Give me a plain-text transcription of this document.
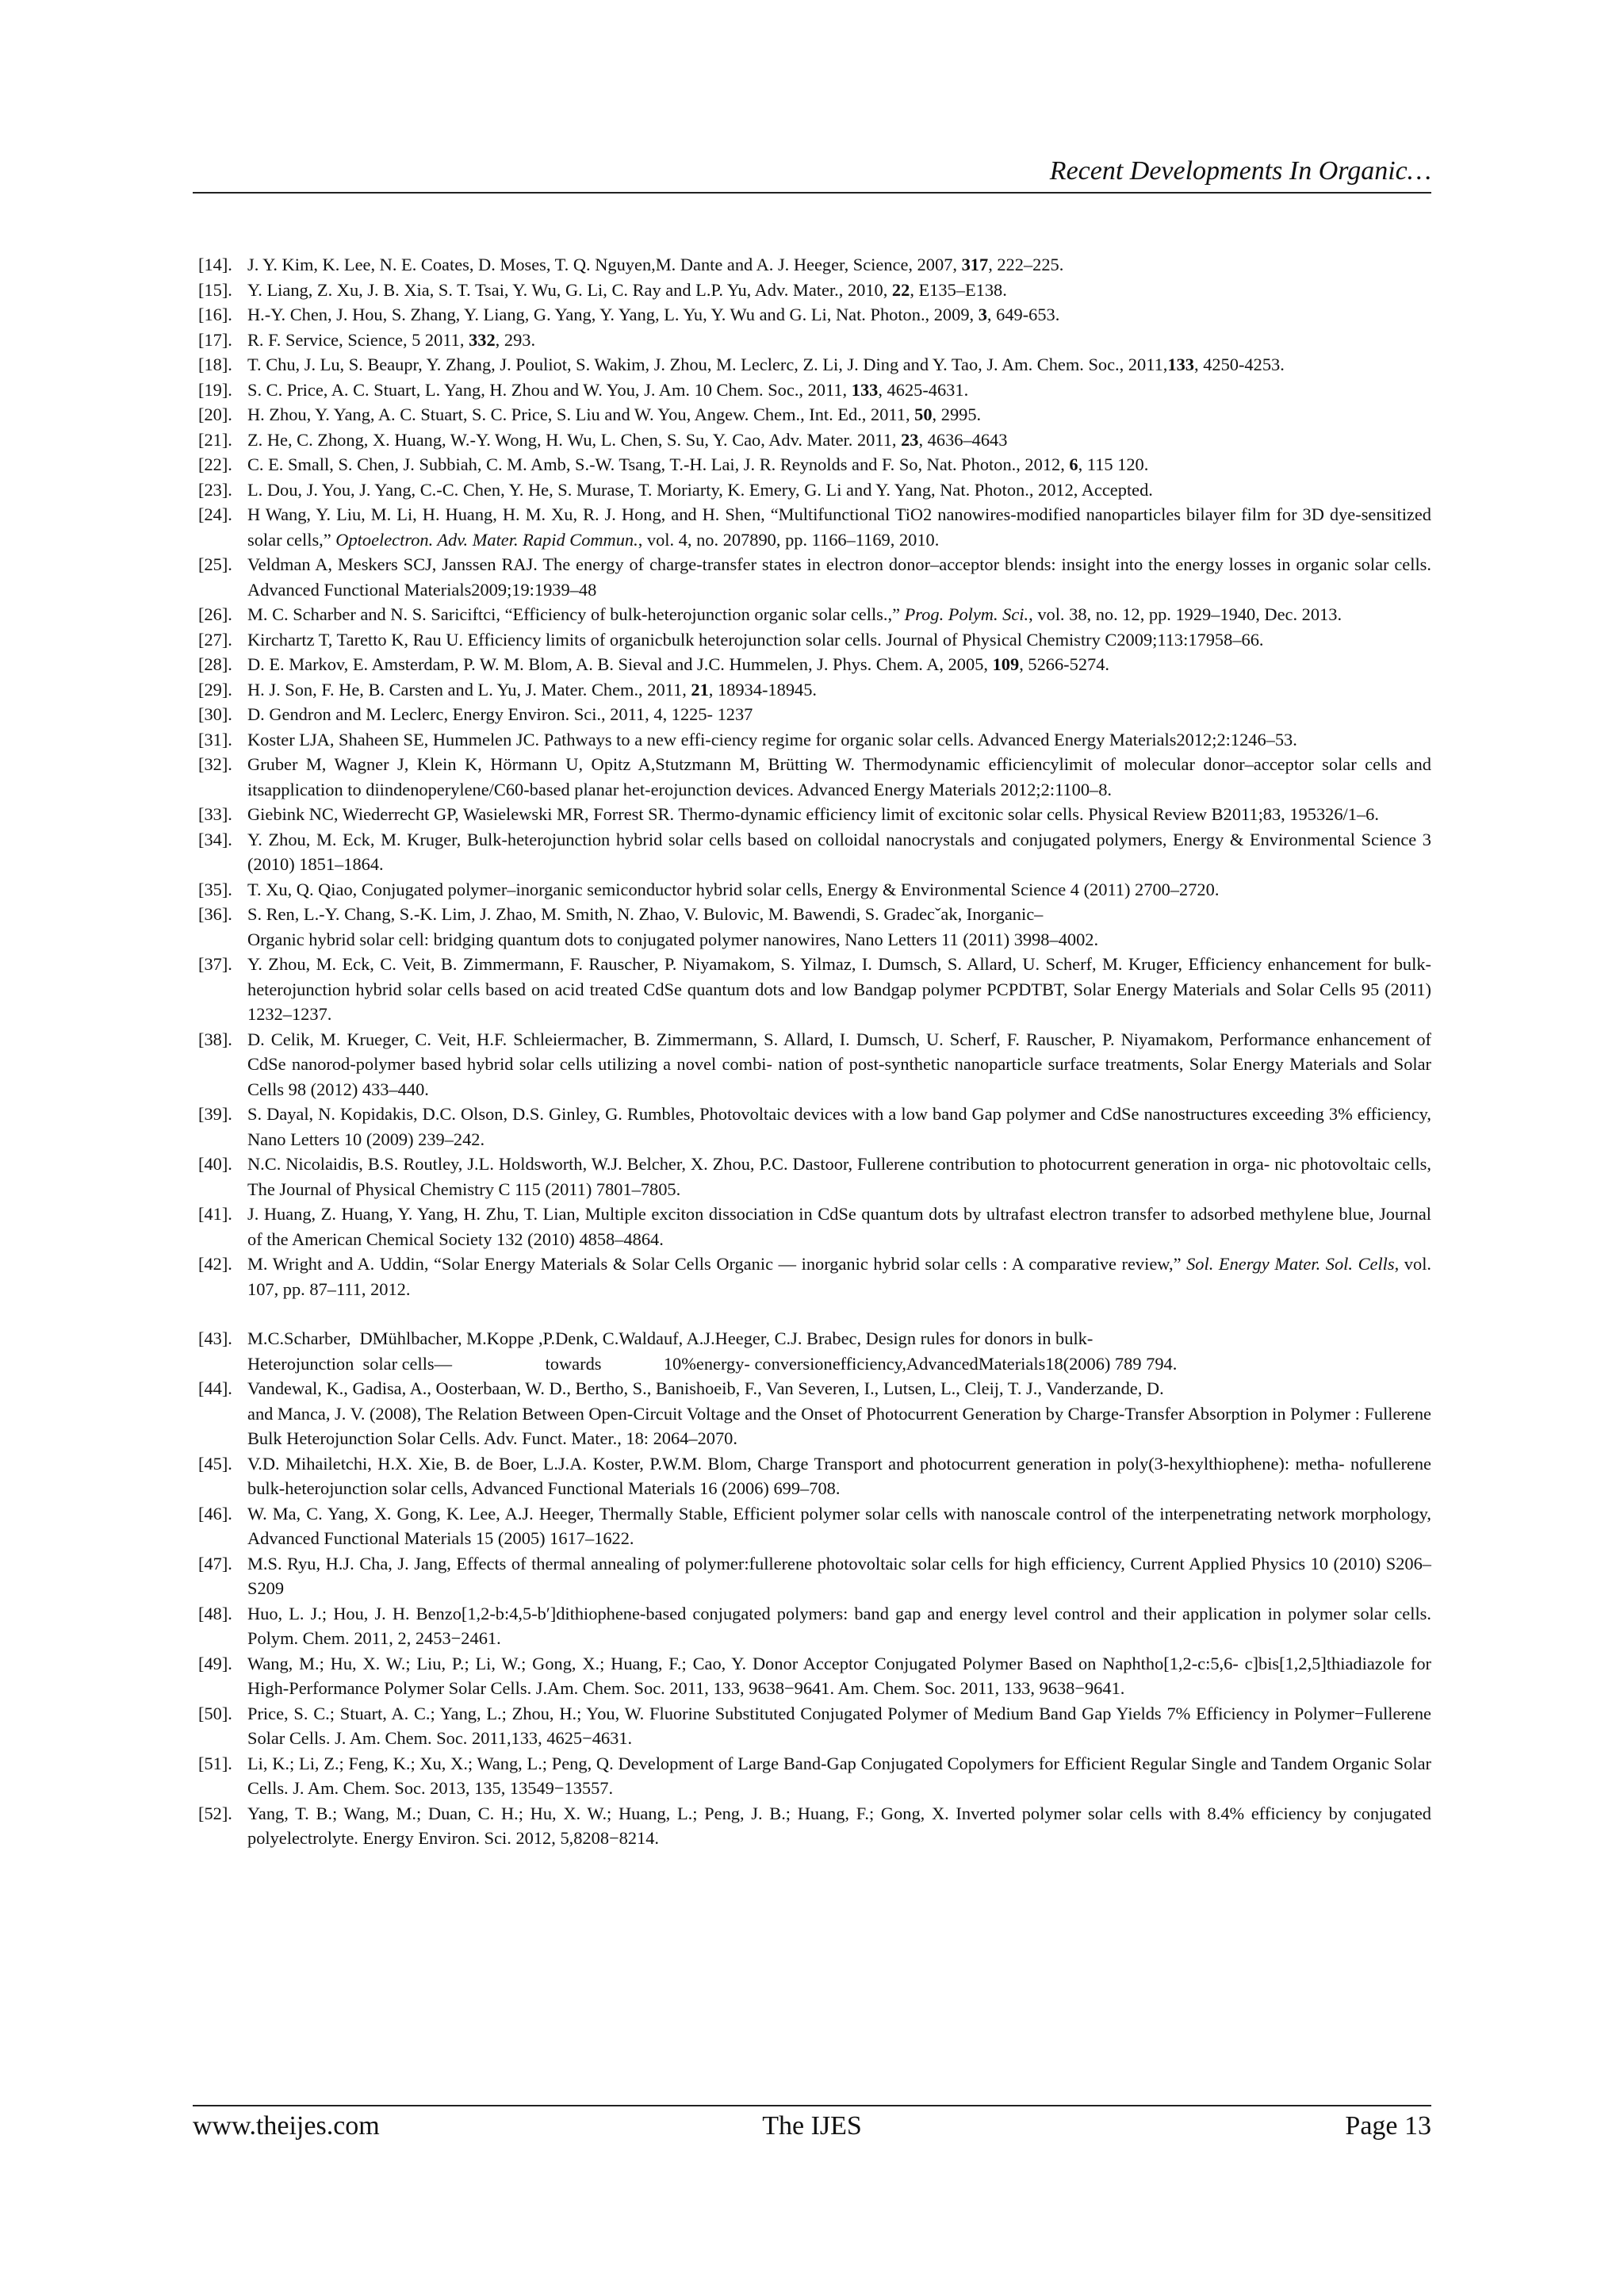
Recent Developments In Organic…
[14]. J. Y. Kim, K. Lee, N. E. Coates, D. Moses, T. Q. Nguyen,M. Dante and A. J. Heeger, Science, 2007, 317, 222–225.
[15]. Y. Liang, Z. Xu, J. B. Xia, S. T. Tsai, Y. Wu, G. Li, C. Ray and L.P. Yu, Adv. Mater., 2010, 22, E135–E138.
[16]. H.-Y. Chen, J. Hou, S. Zhang, Y. Liang, G. Yang, Y. Yang, L. Yu, Y. Wu and G. Li, Nat. Photon., 2009, 3, 649-653.
[17]. R. F. Service, Science, 5 2011, 332, 293.
[18]. T. Chu, J. Lu, S. Beaupr, Y. Zhang, J. Pouliot, S. Wakim, J. Zhou, M. Leclerc, Z. Li, J. Ding and Y. Tao, J. Am. Chem. Soc., 2011,133, 4250-4253.
[19]. S. C. Price, A. C. Stuart, L. Yang, H. Zhou and W. You, J. Am. 10 Chem. Soc., 2011, 133, 4625-4631.
[20]. H. Zhou, Y. Yang, A. C. Stuart, S. C. Price, S. Liu and W. You, Angew. Chem., Int. Ed., 2011, 50, 2995.
[21]. Z. He, C. Zhong, X. Huang, W.-Y. Wong, H. Wu, L. Chen, S. Su, Y. Cao, Adv. Mater. 2011, 23, 4636–4643
[22]. C. E. Small, S. Chen, J. Subbiah, C. M. Amb, S.-W. Tsang, T.-H. Lai, J. R. Reynolds and F. So, Nat. Photon., 2012, 6, 115 120.
[23]. L. Dou, J. You, J. Yang, C.-C. Chen, Y. He, S. Murase, T. Moriarty, K. Emery, G. Li and Y. Yang, Nat. Photon., 2012, Accepted.
[24]. H Wang, Y. Liu, M. Li, H. Huang, H. M. Xu, R. J. Hong, and H. Shen, “Multifunctional TiO2 nanowires-modified nanoparticles bilayer film for 3D dye-sensitized solar cells,” Optoelectron. Adv. Mater. Rapid Commun., vol. 4, no. 207890, pp. 1166–1169, 2010.
[25]. Veldman A, Meskers SCJ, Janssen RAJ. The energy of charge-transfer states in electron donor–acceptor blends: insight into the energy losses in organic solar cells. Advanced Functional Materials2009;19:1939–48
[26]. M. C. Scharber and N. S. Sariciftci, “Efficiency of bulk-heterojunction organic solar cells.,” Prog. Polym. Sci., vol. 38, no. 12, pp. 1929–1940, Dec. 2013.
[27]. Kirchartz T, Taretto K, Rau U. Efficiency limits of organicbulk heterojunction solar cells. Journal of Physical Chemistry C2009;113:17958–66.
[28]. D. E. Markov, E. Amsterdam, P. W. M. Blom, A. B. Sieval and J.C. Hummelen, J. Phys. Chem. A, 2005, 109, 5266-5274.
[29]. H. J. Son, F. He, B. Carsten and L. Yu, J. Mater. Chem., 2011, 21, 18934-18945.
[30]. D. Gendron and M. Leclerc, Energy Environ. Sci., 2011, 4, 1225- 1237
[31]. Koster LJA, Shaheen SE, Hummelen JC. Pathways to a new effi-ciency regime for organic solar cells. Advanced Energy Materials2012;2:1246–53.
[32]. Gruber M, Wagner J, Klein K, Hörmann U, Opitz A,Stutzmann M, Brütting W. Thermodynamic efficiencylimit of molecular donor–acceptor solar cells and itsapplication to diindenoperylene/C60-based planar het-erojunction devices. Advanced Energy Materials 2012;2:1100–8.
[33]. Giebink NC, Wiederrecht GP, Wasielewski MR, Forrest SR. Thermo-dynamic efficiency limit of excitonic solar cells. Physical Review B2011;83, 195326/1–6.
[34]. Y. Zhou, M. Eck, M. Kruger, Bulk-heterojunction hybrid solar cells based on colloidal nanocrystals and conjugated polymers, Energy & Environmental Science 3 (2010) 1851–1864.
[35]. T. Xu, Q. Qiao, Conjugated polymer–inorganic semiconductor hybrid solar cells, Energy & Environmental Science 4 (2011) 2700–2720.
[36]. S. Ren, L.-Y. Chang, S.-K. Lim, J. Zhao, M. Smith, N. Zhao, V. Bulovic, M. Bawendi, S. Gradecˇak, Inorganic–
Organic hybrid solar cell: bridging quantum dots to conjugated polymer nanowires, Nano Letters 11 (2011) 3998–4002.
[37]. Y. Zhou, M. Eck, C. Veit, B. Zimmermann, F. Rauscher, P. Niyamakom, S. Yilmaz, I. Dumsch, S. Allard, U. Scherf, M. Kruger, Efficiency enhancement for bulk-heterojunction hybrid solar cells based on acid treated CdSe quantum dots and low Bandgap polymer PCPDTBT, Solar Energy Materials and Solar Cells 95 (2011) 1232–1237.
[38]. D. Celik, M. Krueger, C. Veit, H.F. Schleiermacher, B. Zimmermann, S. Allard, I. Dumsch, U. Scherf, F. Rauscher, P. Niyamakom, Performance enhancement of CdSe nanorod-polymer based hybrid solar cells utilizing a novel combi- nation of post-synthetic nanoparticle surface treatments, Solar Energy Materials and Solar Cells 98 (2012) 433–440.
[39]. S. Dayal, N. Kopidakis, D.C. Olson, D.S. Ginley, G. Rumbles, Photovoltaic devices with a low band Gap polymer and CdSe nanostructures exceeding 3% efficiency, Nano Letters 10 (2009) 239–242.
[40]. N.C. Nicolaidis, B.S. Routley, J.L. Holdsworth, W.J. Belcher, X. Zhou, P.C. Dastoor, Fullerene contribution to photocurrent generation in orga- nic photovoltaic cells, The Journal of Physical Chemistry C 115 (2011) 7801–7805.
[41]. J. Huang, Z. Huang, Y. Yang, H. Zhu, T. Lian, Multiple exciton dissociation in CdSe quantum dots by ultrafast electron transfer to adsorbed methylene blue, Journal of the American Chemical Society 132 (2010) 4858–4864.
[42]. M. Wright and A. Uddin, “Solar Energy Materials & Solar Cells Organic — inorganic hybrid solar cells : A comparative review,” Sol. Energy Mater. Sol. Cells, vol. 107, pp. 87–111, 2012.
[43]. M.C.Scharber,  DMühlbacher, M.Koppe ,P.Denk, C.Waldauf, A.J.Heeger, C.J. Brabec, Design rules for donors in bulk-
Heterojunction  solar cells—                     towards              10%energy- conversionefficiency,AdvancedMaterials18(2006) 789 794.
[44]. Vandewal, K., Gadisa, A., Oosterbaan, W. D., Bertho, S., Banishoeib, F., Van Severen, I., Lutsen, L., Cleij, T. J., Vanderzande, D.
and Manca, J. V. (2008), The Relation Between Open-Circuit Voltage and the Onset of Photocurrent Generation by Charge-Transfer Absorption in Polymer : Fullerene Bulk Heterojunction Solar Cells. Adv. Funct. Mater., 18: 2064–2070.
[45]. V.D. Mihailetchi, H.X. Xie, B. de Boer, L.J.A. Koster, P.W.M. Blom, Charge Transport and photocurrent generation in poly(3-hexylthiophene): metha- nofullerene bulk-heterojunction solar cells, Advanced Functional Materials 16 (2006) 699–708.
[46]. W. Ma, C. Yang, X. Gong, K. Lee, A.J. Heeger, Thermally Stable, Efficient polymer solar cells with nanoscale control of the interpenetrating network morphology, Advanced Functional Materials 15 (2005) 1617–1622.
[47]. M.S. Ryu, H.J. Cha, J. Jang, Effects of thermal annealing of polymer:fullerene photovoltaic solar cells for high efficiency, Current Applied Physics 10 (2010) S206– S209
[48]. Huo, L. J.; Hou, J. H. Benzo[1,2-b:4,5-b′]dithiophene-based conjugated polymers: band gap and energy level control and their application in polymer solar cells. Polym. Chem. 2011, 2, 2453−2461.
[49]. Wang, M.; Hu, X. W.; Liu, P.; Li, W.; Gong, X.; Huang, F.; Cao, Y. Donor Acceptor Conjugated Polymer Based on Naphtho[1,2-c:5,6- c]bis[1,2,5]thiadiazole for High-Performance Polymer Solar Cells. J.Am. Chem. Soc. 2011, 133, 9638−9641. Am. Chem. Soc. 2011, 133, 9638−9641.
[50]. Price, S. C.; Stuart, A. C.; Yang, L.; Zhou, H.; You, W. Fluorine Substituted Conjugated Polymer of Medium Band Gap Yields 7% Efficiency in Polymer−Fullerene Solar Cells. J. Am. Chem. Soc. 2011,133, 4625−4631.
[51]. Li, K.; Li, Z.; Feng, K.; Xu, X.; Wang, L.; Peng, Q. Development of Large Band-Gap Conjugated Copolymers for Efficient Regular Single and Tandem Organic Solar Cells. J. Am. Chem. Soc. 2013, 135, 13549−13557.
[52]. Yang, T. B.; Wang, M.; Duan, C. H.; Hu, X. W.; Huang, L.; Peng, J. B.; Huang, F.; Gong, X. Inverted polymer solar cells with 8.4% efficiency by conjugated polyelectrolyte. Energy Environ. Sci. 2012, 5,8208−8214.
www.theijes.com	The IJES	Page 13
